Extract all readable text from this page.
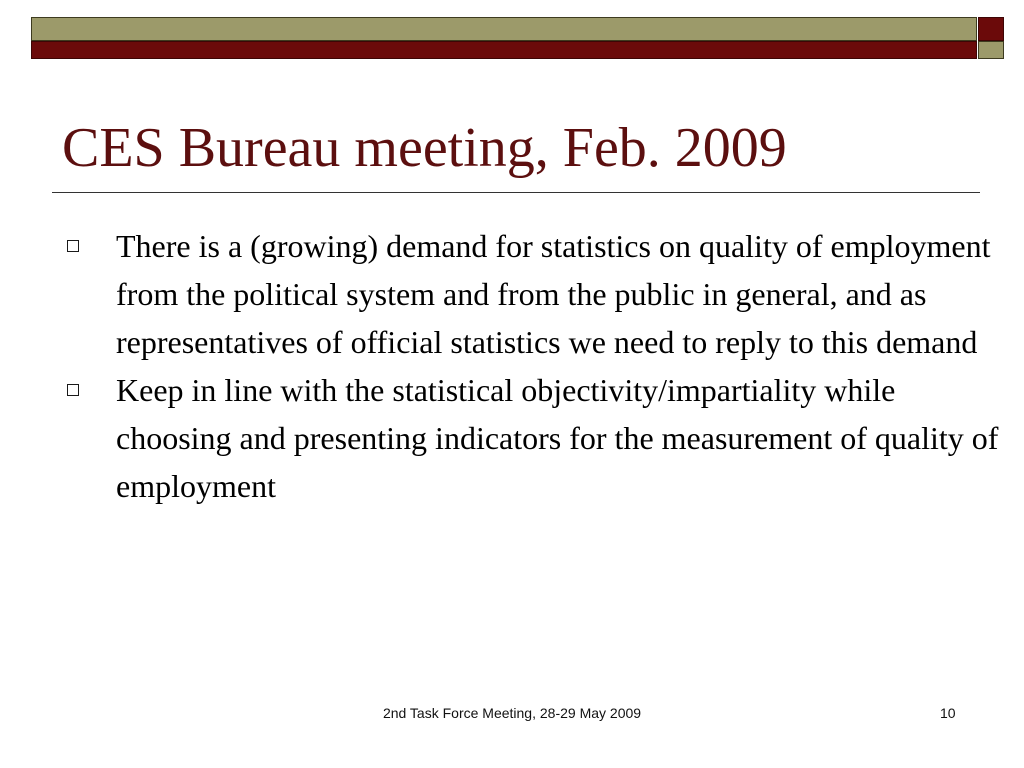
CES Bureau meeting, Feb. 2009
There is a (growing) demand for statistics on quality of employment from the political system and from the public in general, and as representatives of official statistics we need to reply to this demand
Keep in line with the statistical objectivity/impartiality while choosing and presenting indicators for the measurement of quality of employment
2nd Task Force Meeting, 28-29 May 2009	10
